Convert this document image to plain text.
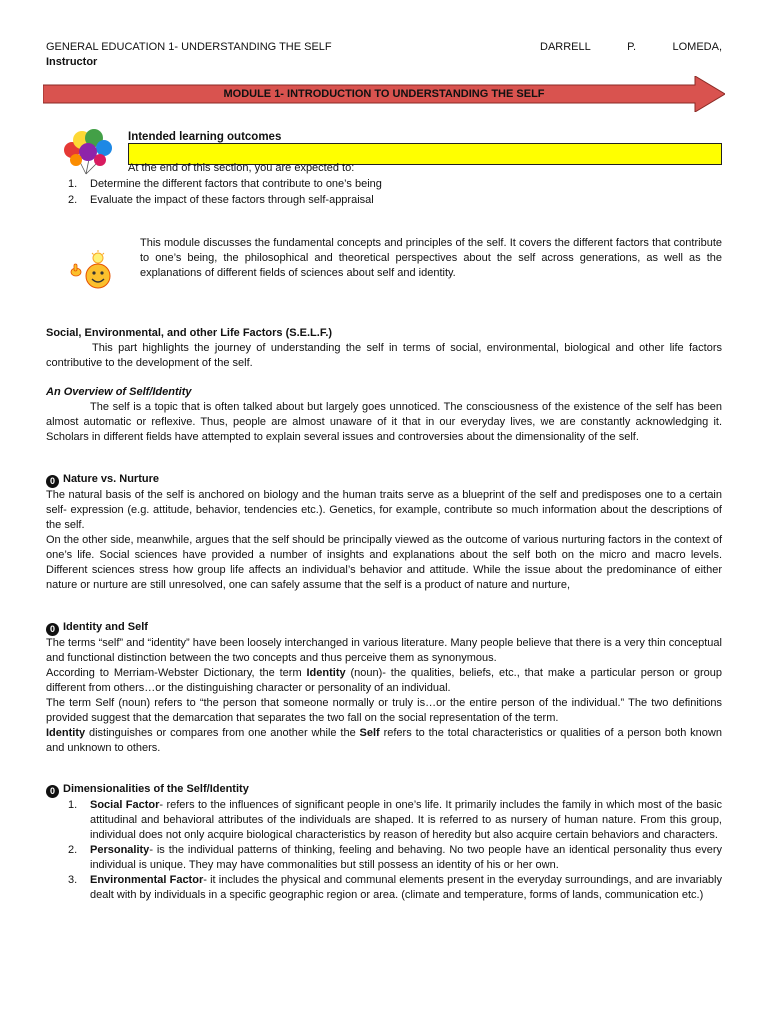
GENERAL EDUCATION 1- UNDERSTANDING THE SELF	DARRELL	P.	LOMEDA,
Instructor
MODULE 1- INTRODUCTION TO UNDERSTANDING THE SELF
Intended learning outcomes
At the end of this section, you are expected to:
1. Determine the different factors that contribute to one’s being
2. Evaluate the impact of these factors through self-appraisal
This module discusses the fundamental concepts and principles of the self. It covers the different factors that contribute to one’s being, the philosophical and theoretical perspectives about the self across generations, as well as the explanations of different fields of sciences about self and identity.

Social, Environmental, and other Life Factors (S.E.L.F.)

This part highlights the journey of understanding the self in terms of social, environmental, biological and other life factors contributive to the development of the self.

An Overview of Self/Identity

The self is a topic that is often talked about but largely goes unnoticed. The consciousness of the existence of the self has been almost automatic or reflexive. Thus, people are almost unaware of it that in our everyday lives, we are constantly acknowledging it. Scholars in different fields have attempted to explain several issues and controversies about the dimensionality of the self.

0 Nature vs. Nurture

The natural basis of the self is anchored on biology and the human traits serve as a blueprint of the self and predisposes one to a certain self- expression (e.g. attitude, behavior, tendencies etc.). Genetics, for example, contribute so much information about the descriptions of the self.

On the other side, meanwhile, argues that the self should be principally viewed as the outcome of various nurturing factors in the context of one’s life. Social sciences have provided a number of insights and explanations about the self both on the micro and macro levels. Different sciences stress how group life affects an individual’s behavior and attitude. While the issue about the predominance of either nature or nurture are still unresolved, one can safely assume that the self is a product of nature and nurture,

0 Identity and Self

The terms “self” and “identity” have been loosely interchanged in various literature. Many people believe that there is a very thin conceptual and functional distinction between the two concepts and thus perceive them as synonymous.

According to Merriam-Webster Dictionary, the term Identity (noun)- the qualities, beliefs, etc., that make a particular person or group different from others…or the distinguishing character or personality of an individual.

The term Self (noun) refers to “the person that someone normally or truly is…or the entire person of the individual.” The two definitions provided suggest that the demarcation that separates the two fall on the social representation of the term.

Identity distinguishes or compares from one another while the Self refers to the total characteristics or qualities of a person both known and unknown to others.

0 Dimensionalities of the Self/Identity

1. Social Factor- refers to the influences of significant people in one’s life. It primarily includes the family in which most of the basic attitudinal and behavioral attributes of the individuals are shaped. It is referred to as nursery of human nature. From this group, individual does not only acquire biological characteristics by reason of heredity but also acquire certain behaviors and characters.
2. Personality- is the individual patterns of thinking, feeling and behaving. No two people have an identical personality thus every individual is unique. They may have commonalities but still possess an identity of his or her own.
3. Environmental Factor- it includes the physical and communal elements present in the everyday surroundings, and are invariably dealt with by individuals in a specific geographic region or area. (climate and temperature, forms of lands, communication etc.)
